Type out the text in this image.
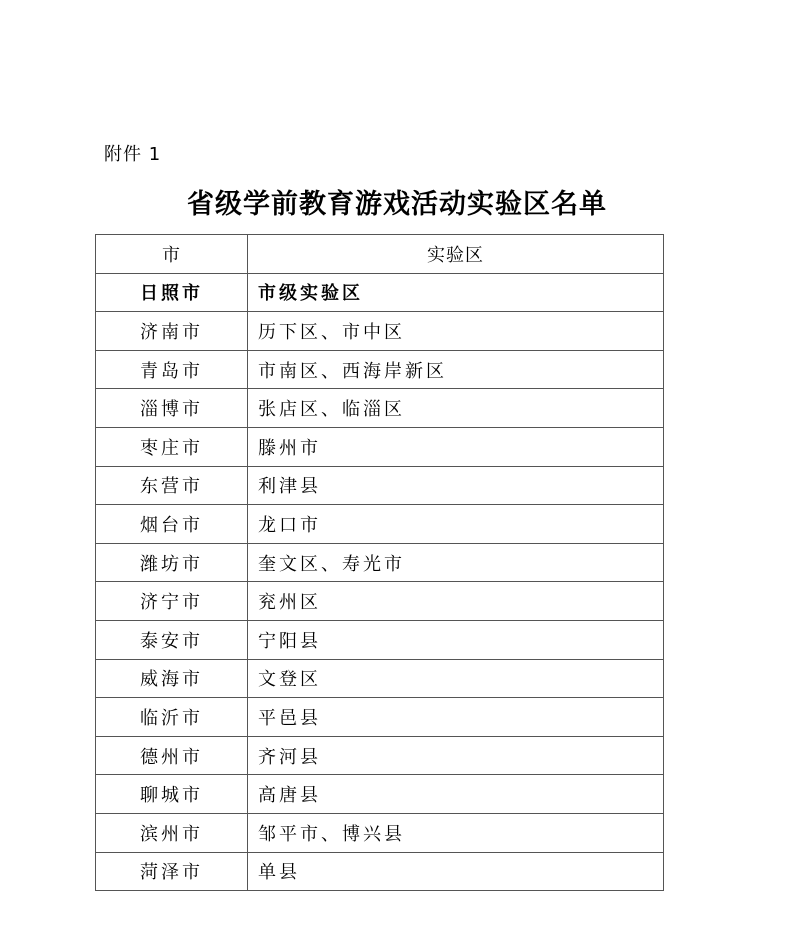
附件 1
省级学前教育游戏活动实验区名单
市	实验区
日照市	市级实验区
济南市	历下区、市中区
青岛市	市南区、西海岸新区
淄博市	张店区、临淄区
枣庄市	滕州市
东营市	利津县
烟台市	龙口市
潍坊市	奎文区、寿光市
济宁市	兖州区
泰安市	宁阳县
威海市	文登区
临沂市	平邑县
德州市	齐河县
聊城市	高唐县
滨州市	邹平市、博兴县
菏泽市	单县
